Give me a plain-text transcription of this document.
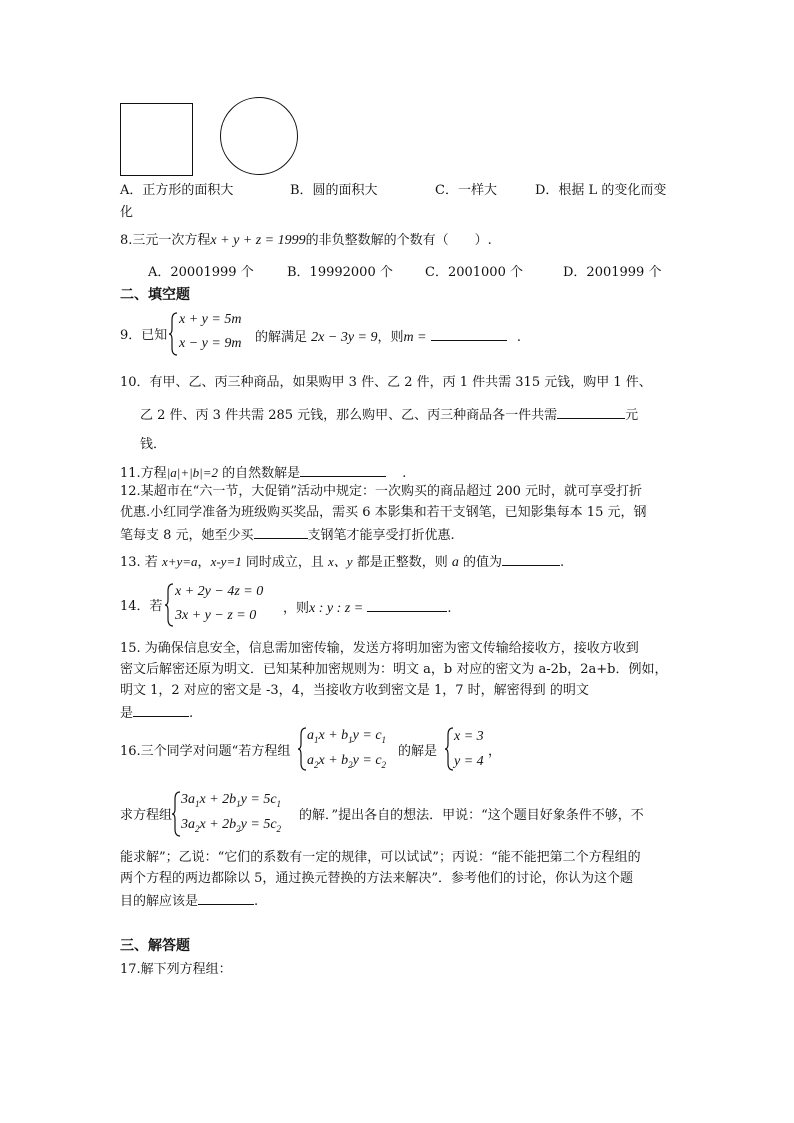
A．正方形的面积大	B．圆的面积大	C．一样大	D．根据 L 的变化而变
化
8.三元一次方程x + y + z = 1999的非负整数解的个数有（　　）.
A．20001999 个	B．19992000 个 C．2001000 个	D．2001999 个
二、填空题
9．已知
x + y = 5m
x − y = 9m 的解满足 2x − 3y = 9，则m =	.
10．有甲、乙、丙三种商品，如果购甲 3 件、乙 2 件，丙 1 件共需 315 元钱，购甲 1 件、
乙 2 件、丙 3 件共需 285 元钱，那么购甲、乙、丙三种商品各一件共需	元
钱．
11.方程|a|+|b|=2 的自然数解是	.
12.某超市在“六一节，大促销”活动中规定：一次购买的商品超过 200 元时，就可享受打折
优惠.小红同学准备为班级购买奖品，需买 6 本影集和若干支钢笔，已知影集每本 15 元，钢
笔每支 8 元，她至少买	支钢笔才能享受打折优惠.
13. 若 x+y=a，x-y=1 同时成立，且 x、y 都是正整数，则 a 的值为	.
14．若
x + 2y − 4z = 0
3x + y − z = 0 ，则x : y : z =	.
15. 为确保信息安全，信息需加密传输，发送方将明加密为密文传输给接收方，接收方收到
密文后解密还原为明文．已知某种加密规则为：明文 a，b 对应的密文为 a-2b，2a+b．例如，
明文 1，2 对应的密文是 -3，4，当接收方收到密文是 1，7 时，解密得到 的明文
是	.
16.三个同学对问题“若方程组
$a_1x + b_1y = c_1$
$a_2x + b_2y = c_2$
的解是
x = 3
y = 4
，
求方程组
$3a_1x + 2b_1y = 5c_1$
$3a_2x + 2b_2y = 5c_2$
的解．”提出各自的想法．甲说：“这个题目好象条件不够，不
能求解”；乙说：“它们的系数有一定的规律，可以试试”；丙说：“能不能把第二个方程组的
两个方程的两边都除以 5，通过换元替换的方法来解决”．参考他们的讨论，你认为这个题
目的解应该是	.
三、解答题
17.解下列方程组：
